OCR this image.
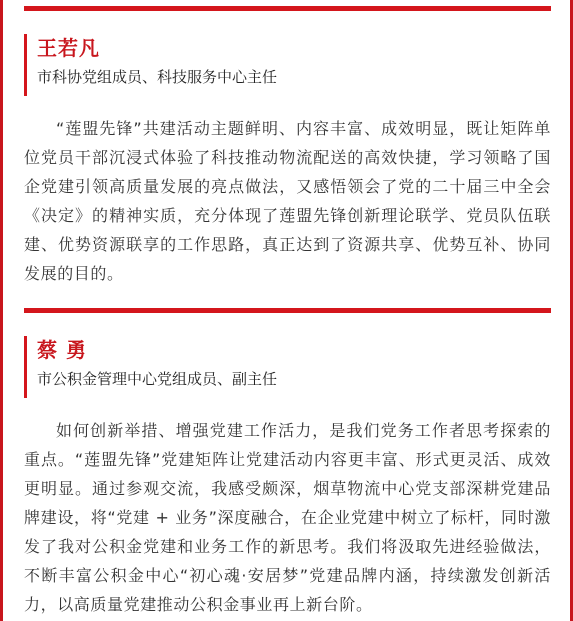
王若凡
市科协党组成员、科技服务中心主任
“莲盟先锋”共建活动主题鲜明、内容丰富、成效明显，既让矩阵单位党员干部沉浸式体验了科技推动物流配送的高效快捷，学习领略了国企党建引领高质量发展的亮点做法，又感悟领会了党的二十届三中全会《决定》的精神实质，充分体现了莲盟先锋创新理论联学、党员队伍联建、优势资源联享的工作思路，真正达到了资源共享、优势互补、协同发展的目的。
蔡 勇
市公积金管理中心党组成员、副主任
如何创新举措、增强党建工作活力，是我们党务工作者思考探索的重点。“莲盟先锋”党建矩阵让党建活动内容更丰富、形式更灵活、成效更明显。通过参观交流，我感受颇深，烟草物流中心党支部深耕党建品牌建设，将“党建 + 业务”深度融合，在企业党建中树立了标杆，同时激发了我对公积金党建和业务工作的新思考。我们将汲取先进经验做法，不断丰富公积金中心“初心魂·安居梦”党建品牌内涵，持续激发创新活力，以高质量党建推动公积金事业再上新台阶。
